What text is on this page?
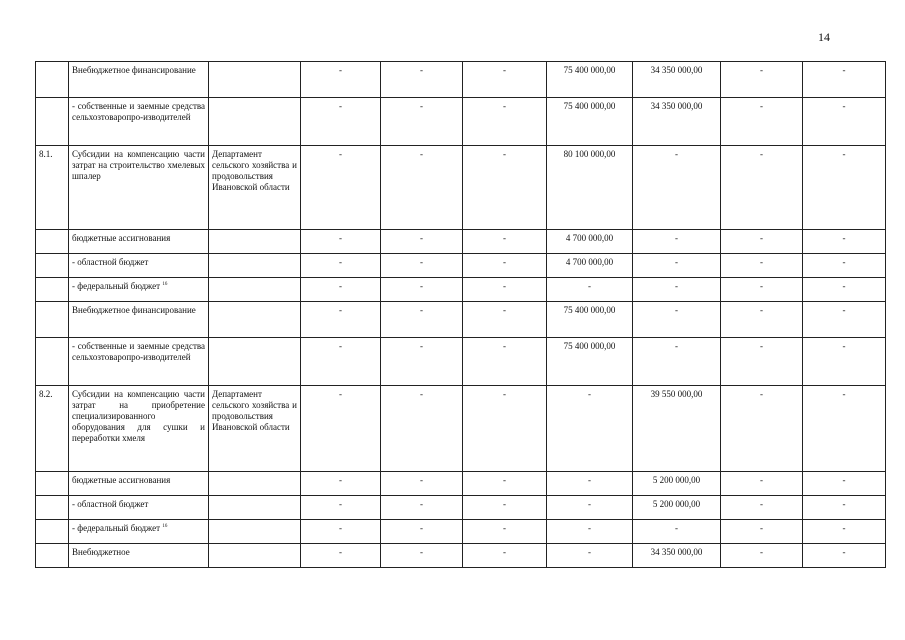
14
	Внебюджетное финансирование		-	-	-	75 400 000,00	34 350 000,00	-	-
	- собственные и заемные средства сельхозтоваропро-изводителей		-	-	-	75 400 000,00	34 350 000,00	-	-
8.1.	Субсидии на компенсацию части затрат на строительство хмелевых шпалер	Департамент сельского хозяйства и продовольствия Ивановской области	-	-	-	80 100 000,00	-	-	-
	бюджетные ассигнования		-	-	-	4 700 000,00	-	-	-
	- областной бюджет		-	-	-	4 700 000,00	-	-	-
	- федеральный бюджет $^{16}$		-	-	-	-	-	-	-
	Внебюджетное финансирование		-	-	-	75 400 000,00	-	-	-
	- собственные и заемные средства сельхозтоваропро-изводителей		-	-	-	75 400 000,00	-	-	-
8.2.	Субсидии на компенсацию части затрат на приобретение специализированного оборудования для сушки и переработки хмеля	Департамент сельского хозяйства и продовольствия Ивановской области	-	-	-	-	39 550 000,00	-	-
	бюджетные ассигнования		-	-	-	-	5 200 000,00	-	-
	- областной бюджет		-	-	-	-	5 200 000,00	-	-
	- федеральный бюджет $^{16}$		-	-	-	-	-	-	-
	Внебюджетное		-	-	-	-	34 350 000,00	-	-
